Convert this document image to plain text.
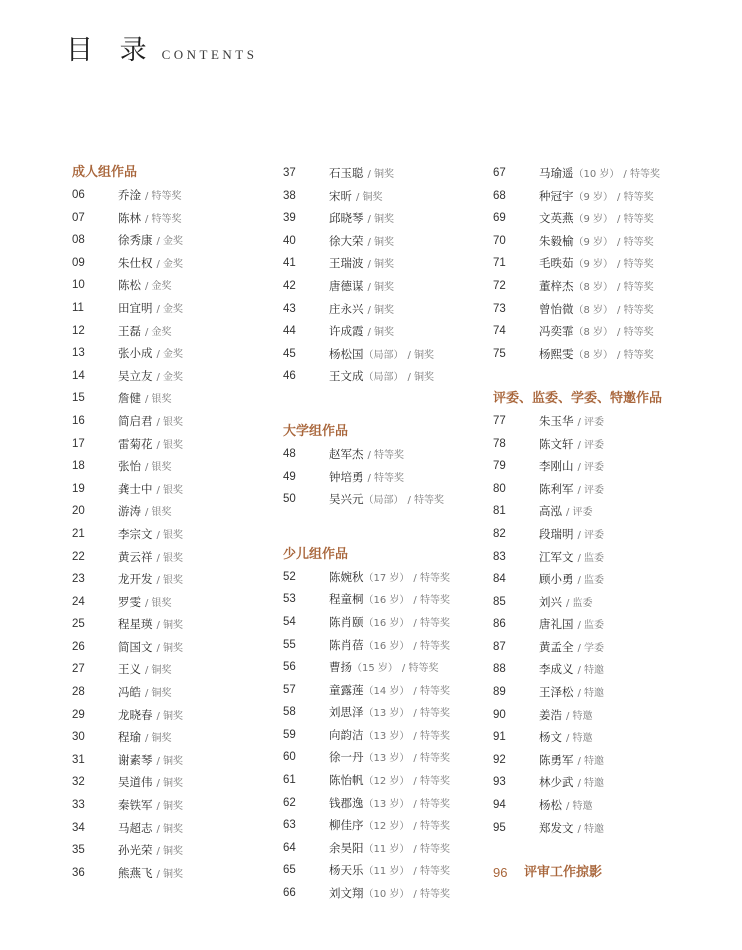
目 录 CONTENTS
成人组作品
06	乔淦 / 特等奖
07	陈林 / 特等奖
08	徐秀康 / 金奖
09	朱仕权 / 金奖
10	陈松 / 金奖
11	田宜明 / 金奖
12	王磊 / 金奖
13	张小成 / 金奖
14	吴立友 / 金奖
15	詹健 / 银奖
16	简启君 / 银奖
17	雷菊花 / 银奖
18	张怡 / 银奖
19	龚士中 / 银奖
20	游涛 / 银奖
21	李宗文 / 银奖
22	黄云祥 / 银奖
23	龙开发 / 银奖
24	罗雯 / 银奖
25	程星瑛 / 铜奖
26	简国文 / 铜奖
27	王义 / 铜奖
28	冯皓 / 铜奖
29	龙晓春 / 铜奖
30	程瑜 / 铜奖
31	谢素琴 / 铜奖
32	吴道伟 / 铜奖
33	秦铁军 / 铜奖
34	马超志 / 铜奖
35	孙光荣 / 铜奖
36	熊燕飞 / 铜奖
37	石玉聪 / 铜奖
38	宋昕 / 铜奖
39	邱晓琴 / 铜奖
40	徐大荣 / 铜奖
41	王瑞波 / 铜奖
42	唐德谋 / 铜奖
43	庄永兴 / 铜奖
44	许成霞 / 铜奖
45	杨松国（局部） / 铜奖
46	王文成（局部） / 铜奖
大学组作品
48	赵军杰 / 特等奖
49	钟培勇 / 特等奖
50	吴兴元（局部） / 特等奖
少儿组作品
52	陈婉秋（17 岁） / 特等奖
53	程童桐（16 岁） / 特等奖
54	陈肖颐（16 岁） / 特等奖
55	陈肖蓓（16 岁） / 特等奖
56	曹扬（15 岁） / 特等奖
57	童露莲（14 岁） / 特等奖
58	刘思泽（13 岁） / 特等奖
59	向韵洁（13 岁） / 特等奖
60	徐一丹（13 岁） / 特等奖
61	陈怡帆（12 岁） / 特等奖
62	钱郡逸（13 岁） / 特等奖
63	柳佳序（12 岁） / 特等奖
64	余昊阳（11 岁） / 特等奖
65	杨天乐（11 岁） / 特等奖
66	刘文翔（10 岁） / 特等奖
67	马瑜遥（10 岁） / 特等奖
68	种冠宇（9 岁） / 特等奖
69	文英燕（9 岁） / 特等奖
70	朱毅榆（9 岁） / 特等奖
71	毛昳茹（9 岁） / 特等奖
72	董梓杰（8 岁） / 特等奖
73	曾怡微（8 岁） / 特等奖
74	冯奕霏（8 岁） / 特等奖
75	杨熙雯（8 岁） / 特等奖
评委、监委、学委、特邀作品
77	朱玉华 / 评委
78	陈文轩 / 评委
79	李刚山 / 评委
80	陈利军 / 评委
81	高泓 / 评委
82	段瑞明 / 评委
83	江军文 / 监委
84	顾小勇 / 监委
85	刘兴 / 监委
86	唐礼国 / 监委
87	黄孟全 / 学委
88	李成义 / 特邀
89	王泽松 / 特邀
90	姜浩 / 特邀
91	杨文 / 特邀
92	陈勇军 / 特邀
93	林少武 / 特邀
94	杨松 / 特邀
95	郑发文 / 特邀
96 评审工作掠影
